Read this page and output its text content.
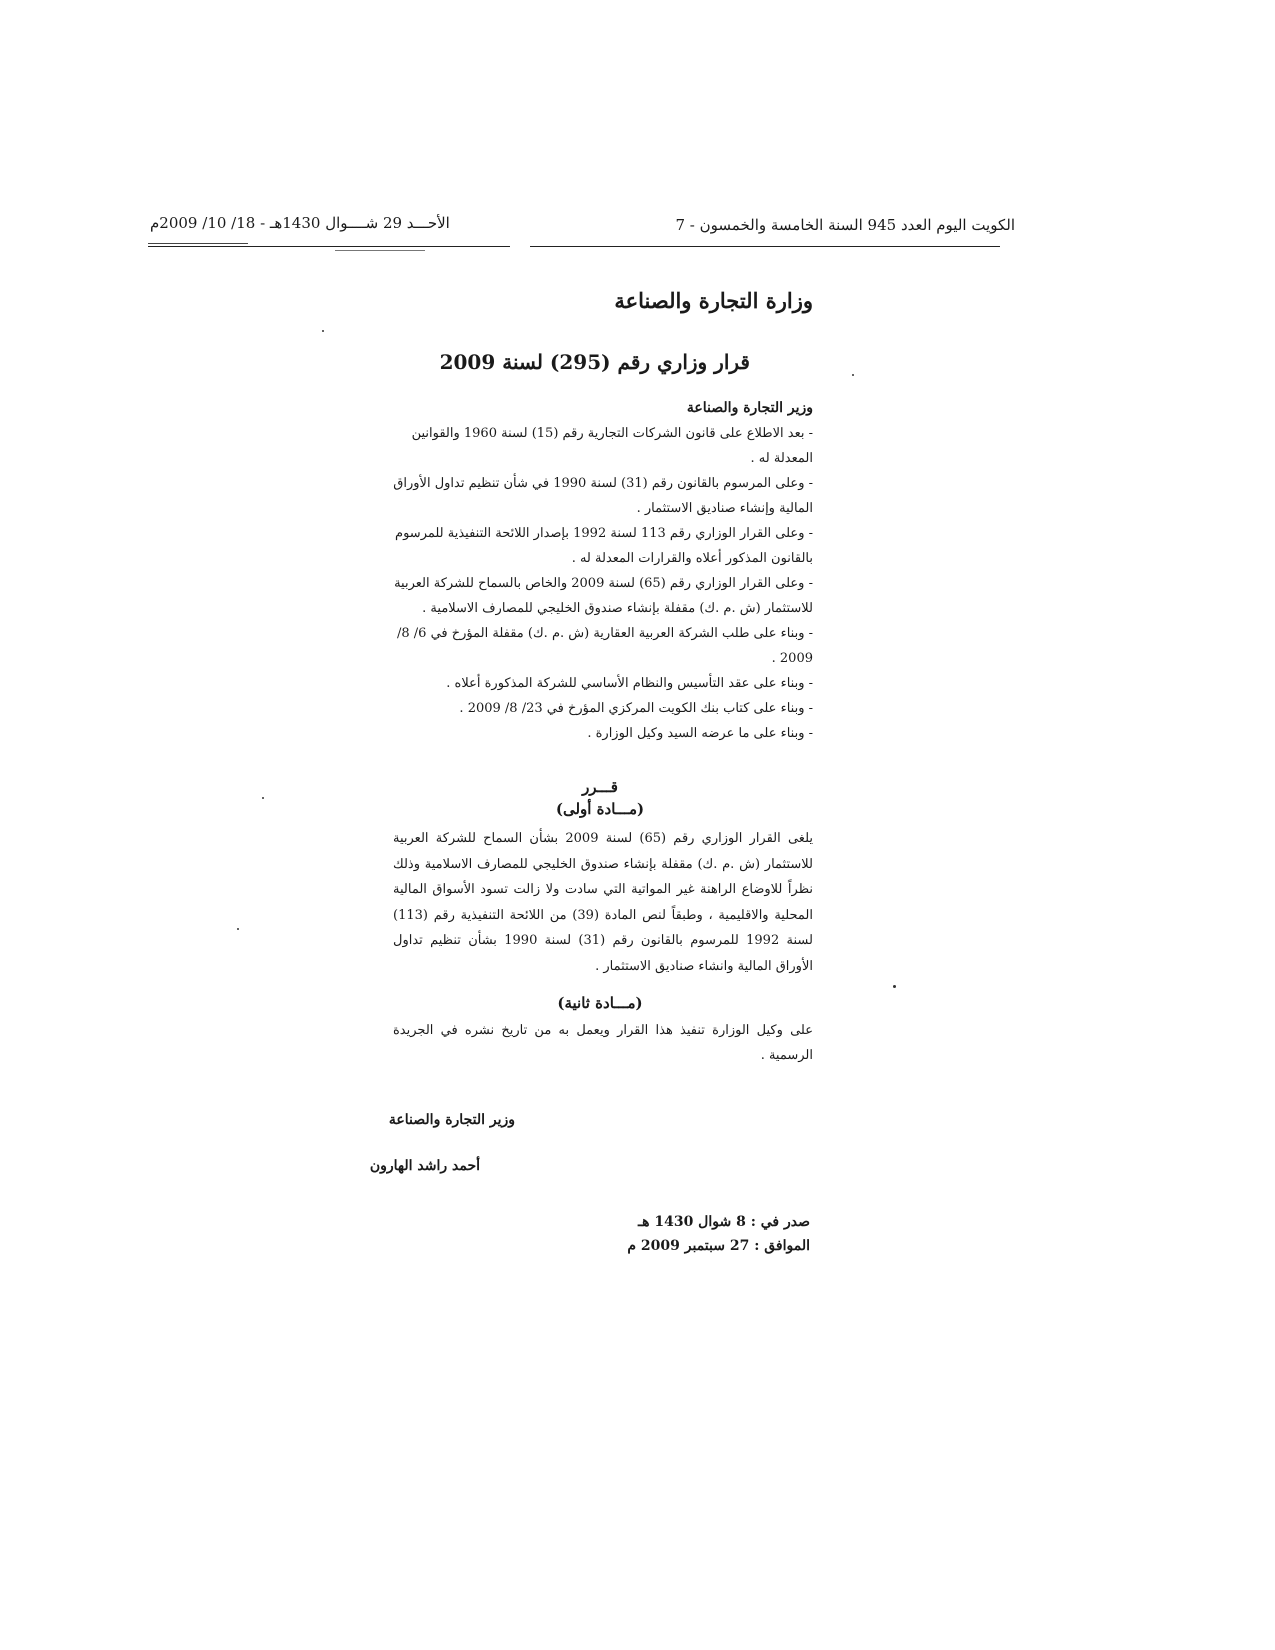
الكويت اليوم العدد 945 السنة الخامسة والخمسون - 7
الأحـــد 29 شــــوال 1430هـ - 18/ 10/ 2009م
وزارة التجارة والصناعة
قرار وزاري رقم (295) لسنة 2009

وزير التجارة والصناعة

- بعد الاطلاع على قانون الشركات التجارية رقم (15) لسنة 1960 والقوانين المعدلة له .

- وعلى المرسوم بالقانون رقم (31) لسنة 1990 في شأن تنظيم تداول الأوراق المالية وإنشاء صناديق الاستثمار .

- وعلى القرار الوزاري رقم 113 لسنة 1992 بإصدار اللائحة التنفيذية للمرسوم بالقانون المذكور أعلاه والقرارات المعدلة له .

- وعلى القرار الوزاري رقم (65) لسنة 2009 والخاص بالسماح للشركة العربية للاستثمار (ش .م .ك) مقفلة بإنشاء صندوق الخليجي للمصارف الاسلامية .

- وبناء على طلب الشركة العربية العقارية (ش .م .ك) مقفلة المؤرخ في 6/ 8/ 2009 .

- وبناء على عقد التأسيس والنظام الأساسي للشركة المذكورة أعلاه .

- وبناء على كتاب بنك الكويت المركزي المؤرخ في 23/ 8/ 2009 .

- وبناء على ما عرضه السيد وكيل الوزارة .

قـــرر
(مـــادة أولى)
يلغى القرار الوزاري رقم (65) لسنة 2009 بشأن السماح للشركة العربية للاستثمار (ش .م .ك) مقفلة بإنشاء صندوق الخليجي للمصارف الاسلامية وذلك نظراً للاوضاع الراهنة غير المواتية التي سادت ولا زالت تسود الأسواق المالية المحلية والاقليمية ، وطبقاً لنص المادة (39) من اللائحة التنفيذية رقم (113) لسنة 1992 للمرسوم بالقانون رقم (31) لسنة 1990 بشأن تنظيم تداول الأوراق المالية وانشاء صناديق الاستثمار .
(مـــادة ثانية)
على وكيل الوزارة تنفيذ هذا القرار ويعمل به من تاريخ نشره في الجريدة الرسمية .
وزير التجارة والصناعة
أحمد راشد الهارون
صدر في : 8 شوال 1430 هـ
الموافق : 27 سبتمبر 2009 م
